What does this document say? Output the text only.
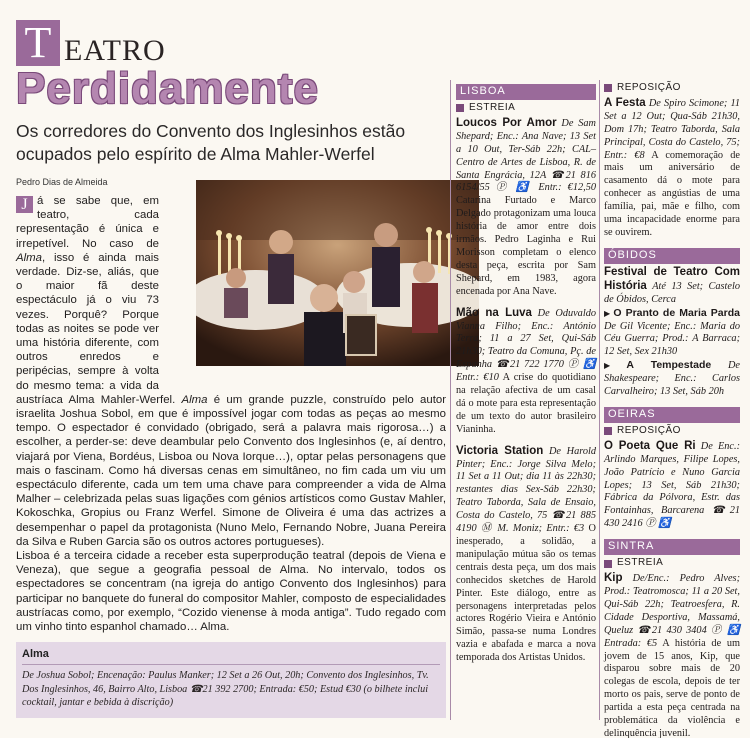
T EATRO
Perdidamente
Os corredores do Convento dos Inglesinhos estão ocupados pelo espírito de Alma Mahler-Werfel
Pedro Dias de Almeida
J á se sabe que, em teatro, cada representação é única e irrepetível. No caso de Alma, isso é ainda mais verdade. Diz-se, aliás, que o maior fã deste espectáculo já o viu 73 vezes. Porquê? Porque todas as noites se pode ver uma história diferente, com outros enredos e peripécias, sempre à volta do mesmo tema: a vida da austríaca Alma Mahler-Werfel. Alma é um grande puzzle, construído pelo autor israelita Joshua Sobol, em que é impossível jogar com todas as peças ao mesmo tempo. O espectador é convidado (obrigado, será a palavra mais rigorosa…) a escolher, a perder-se: deve deambular pelo Convento dos Inglesinhos (e, aí dentro, viajará por Viena, Bordéus, Lisboa ou Nova Iorque…), optar pelas personagens que mais o fascinam. Como há diversas cenas em simultâneo, no fim cada um viu um espectáculo diferente, cada um tem uma chave para compreender a vida de Alma Malher – celebrizada pelas suas ligações com génios artísticos como Gustav Mahler, Kokoschka, Gropius ou Franz Werfel. Simone de Oliveira é uma das actrizes a desempenhar o papel da protagonista (Nuno Melo, Fernando Nobre, Juana Pereira da Silva e Ruben Garcia são os outros actores portugueses).
Lisboa é a terceira cidade a receber esta superprodução teatral (depois de Viena e Veneza), que segue a geografia pessoal de Alma. No intervalo, todos os espectadores se concentram (na igreja do antigo Convento dos Inglesinhos) para participar no banquete do funeral do compositor Mahler, composto de especialidades austríacas como, por exemplo, “Cozido vienense à moda antiga”. Tudo regado com um vinho tinto espanhol chamado… Alma.
Alma
De Joshua Sobol; Encenação: Paulus Manker; 12 Set a 26 Out, 20h; Convento dos Inglesinhos, Tv. Dos Inglesinhos, 46, Bairro Alto, Lisboa ☎21 392 2700; Entrada: €50; Estud €30 (o bilhete inclui cocktail, jantar e bebida à discrição)
LISBOA
ESTREIA
Loucos Por Amor De Sam Shepard; Enc.: Ana Nave; 13 Set a 10 Out, Ter-Sáb 22h; CAL–Centro de Artes de Lisboa, R. de Santa Engrácia, 12A ☎21 816 6154/55 Ⓟ ♿ Entr.: €12,50 Catarina Furtado e Marco Delgado protagonizam uma louca história de amor entre dois irmãos. Pedro Laginha e Rui Morisson completam o elenco desta peça, escrita por Sam Shepard, em 1983, agora encenada por Ana Nave.
Mão na Luva De Oduvaldo Vianna Filho; Enc.: António Terra; 11 a 27 Set, Qui-Sáb 21h30; Teatro da Comuna, Pç. de Espanha ☎21 722 1770 Ⓟ ♿ Entr.: €10 A crise do quotidiano na relação afectiva de um casal dá o mote para esta representação de um texto do autor brasileiro Vianinha.
Victoria Station De Harold Pinter; Enc.: Jorge Silva Melo; 11 Set a 11 Out; dia 11 às 22h30; restantes dias Sex-Sáb 22h30; Teatro Taborda, Sala de Ensaio, Costa do Castelo, 75 ☎21 885 4190 Ⓜ M. Moniz; Entr.: €3 O inesperado, a solidão, a manipulação mútua são os temas centrais desta peça, um dos mais conhecidos sketches de Harold Pinter. Este diálogo, entre as personagens interpretadas pelos actores Rogério Vieira e António Simão, passa-se numa Londres vazia e abafada e marca a nova temporada dos Artistas Unidos.
REPOSIÇÃO
A Festa De Spiro Scimone; 11 Set a 12 Out; Qua-Sáb 21h30, Dom 17h; Teatro Taborda, Sala Principal, Costa do Castelo, 75; Entr.: €8 A comemoração de mais um aniversário de casamento dá o mote para conhecer as angústias de uma família, pai, mãe e filho, com uma incapacidade enorme para se ouvirem.
ÓBIDOS
Festival de Teatro Com História Até 13 Set; Castelo de Óbidos, Cerca
▶ O Pranto de Maria Parda De Gil Vicente; Enc.: Maria do Céu Guerra; Prod.: A Barraca; 12 Set, Sex 21h30
▶ A Tempestade De Shakespeare; Enc.: Carlos Carvalheiro; 13 Set, Sáb 20h
OEIRAS
REPOSIÇÃO
O Poeta Que Ri De Enc.: Arlindo Marques, Filipe Lopes, João Patrício e Nuno Garcia Lopes; 13 Set, Sáb 21h30; Fábrica da Pólvora, Estr. das Fontainhas, Barcarena ☎21 430 2416 Ⓟ ♿
SINTRA
ESTREIA
Kip De/Enc.: Pedro Alves; Prod.: Teatromosca; 11 a 20 Set, Qui-Sáb 22h; Teatroesfera, R. Cidade Desportiva, Massamá, Queluz ☎21 430 3404 Ⓟ ♿ Entrada: €5 A história de um jovem de 15 anos, Kip, que disparou sobre mais de 20 colegas de escola, depois de ter morto os pais, serve de ponto de partida a esta peça centrada na problemática da violência e delinquência juvenil.
